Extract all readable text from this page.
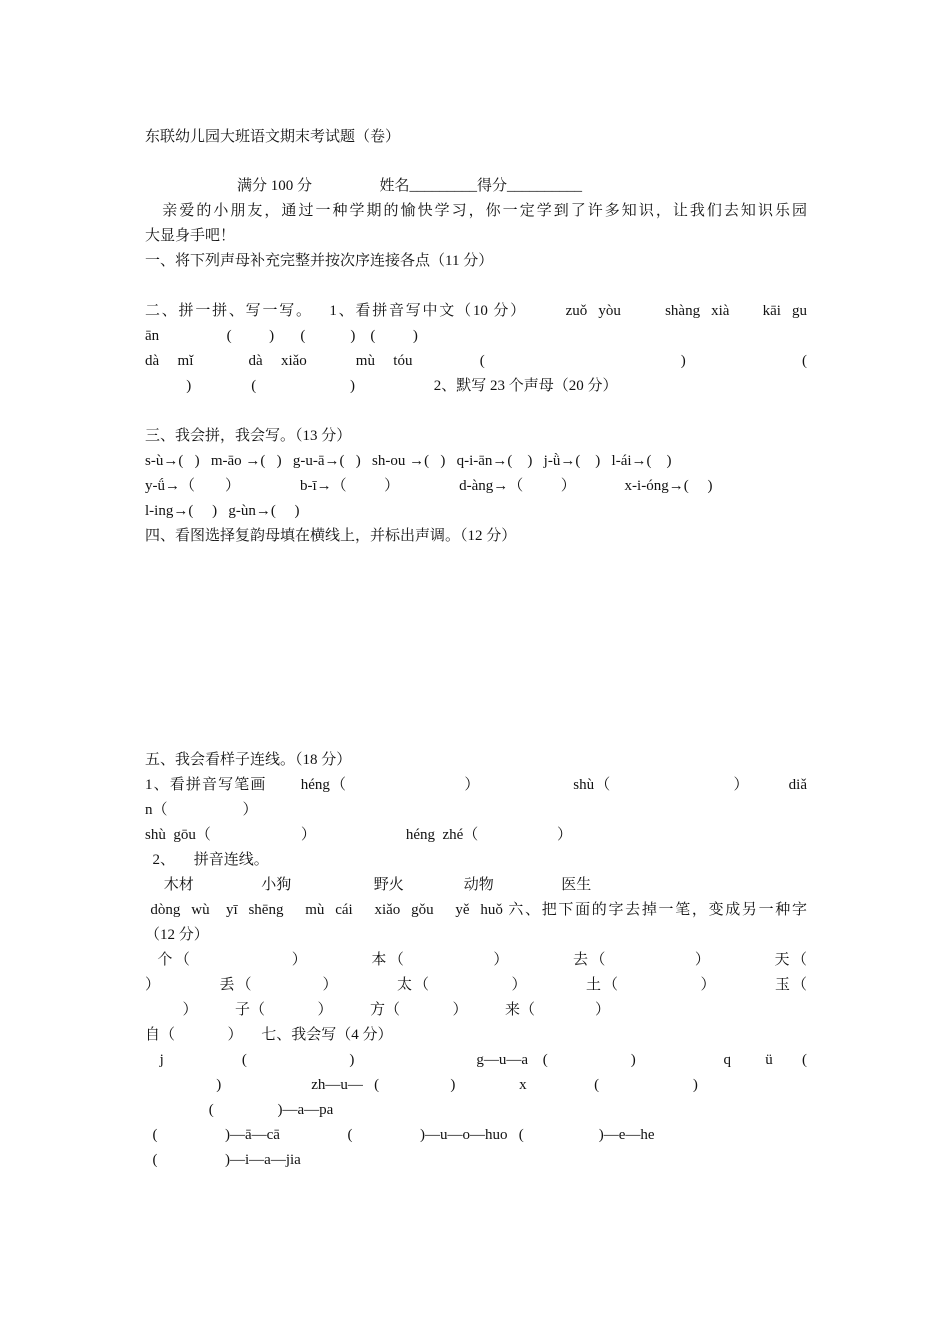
东联幼儿园大班语文期末考试题（卷）
满分 100 分                  姓名_________得分__________
亲爱的小朋友，通过一种学期的愉快学习，你一定学到了许多知识，让我们去知识乐园
大显身手吧！
一、将下列声母补充完整并按次序连接各点（11 分）
二、拼一拼、写一写。   1、看拼音写中文（10 分）       zuǒ  yòu        shàng  xià      kāi  gu
ān                  (          )       (            )    (          )
dà   mǐ         dà   xiǎo        mù   tóu           (                                )                   (
)                (                         )                     2、默写 23 个声母（20 分）
三、我会拼，我会写。（13 分）
s-ù→(   )   m-āo →(   )   g-u-ā→(   )   sh-ou →(   )   q-i-ān→(    )   j-ǜ→(    )   l-ái→(    )
y-ǘ→（        ）                b-ī→（          ）                d-àng→（          ）             x-i-óng→(     )
l-ing→(     )   g-ùn→(     )
四、看图选择复韵母填在横线上，并标出声调。（12 分）
五、我会看样子连线。（18 分）
1、看拼音写笔画       héng（                        ）                   shù（                         ）        diǎ
n（                    ）
shù  gōu（                        ）                        héng  zhé（                     ）
2、     拼音连线。
木材                  小狗                      野火                动物                  医生
dòng  wù   yī  shēng    mù  cái    xiǎo  gǒu    yě  huǒ 六、把下面的字去掉一笔，变成另一种字
（12 分）
个（                ）          本（              ）          去（              ）          天（
）          丢（            ）          太（              ）          土（              ）          玉（
）          子（              ）          方（              ）          来（                ）
自（              ）     七、我会写（4 分）
j                (                     )                         g—u—a   (                 )                  q       ü      (
)                        zh—u—   (                   )                 x                  (                         )
(                 )—a—pa
(                  )—ā—cā                  (                  )—u—o—huo   (                    )—e—he
(                  )—i—a—jia
